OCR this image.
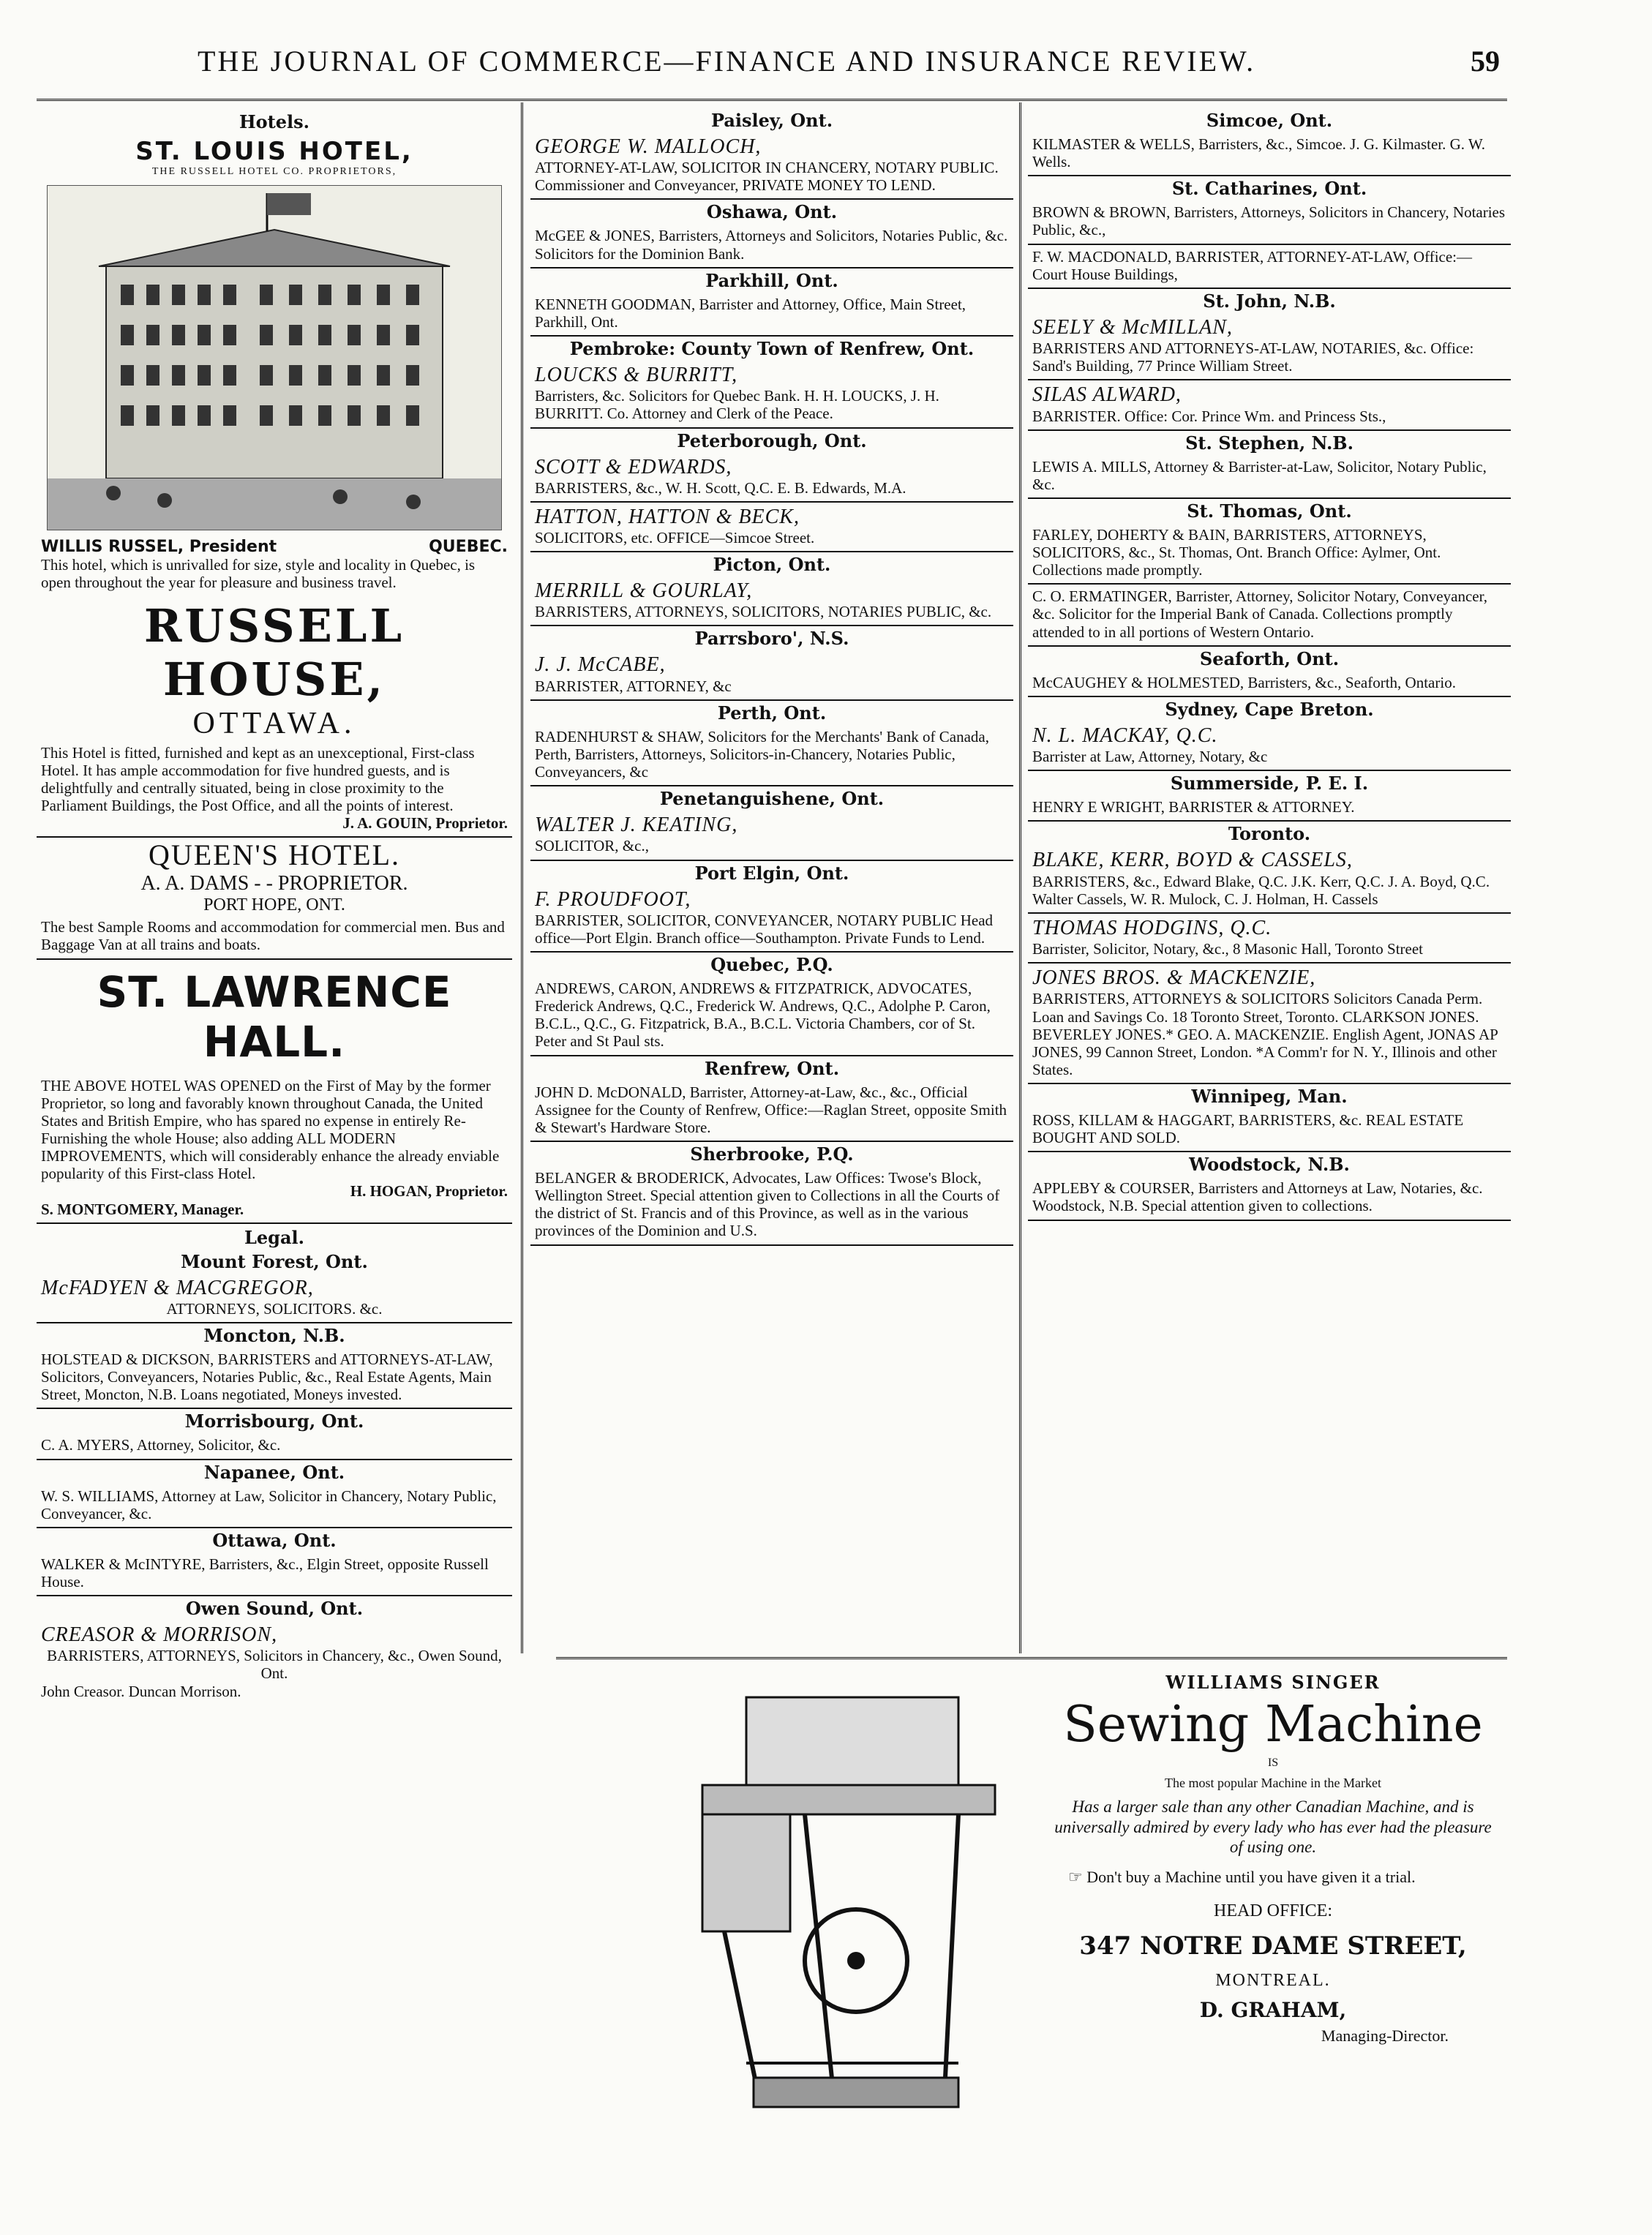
THE JOURNAL OF COMMERCE—FINANCE AND INSURANCE REVIEW.	59
Hotels.
ST. LOUIS HOTEL,
THE RUSSELL HOTEL CO. PROPRIETORS,

WILLIS RUSSEL, President	QUEBEC.

This hotel, which is unrivalled for size, style and locality in Quebec, is open throughout the year for pleasure and business travel.

RUSSELL HOUSE,
OTTAWA.

This Hotel is fitted, furnished and kept as an unexceptional, First-class Hotel. It has ample accommodation for five hundred guests, and is delightfully and centrally situated, being in close proximity to the Parliament Buildings, the Post Office, and all the points of interest.

J. A. GOUIN, Proprietor.

QUEEN'S HOTEL.
A. A. DAMS - - PROPRIETOR.
PORT HOPE, ONT.

The best Sample Rooms and accommodation for commercial men. Bus and Baggage Van at all trains and boats.

ST. LAWRENCE HALL.

THE ABOVE HOTEL WAS OPENED on the First of May by the former Proprietor, so long and favorably known throughout Canada, the United States and British Empire, who has spared no expense in entirely Re-Furnishing the whole House; also adding ALL MODERN IMPROVEMENTS, which will considerably enhance the already enviable popularity of this First-class Hotel.

H. HOGAN, Proprietor.

S. MONTGOMERY, Manager.

Legal.
Mount Forest, Ont.

McFADYEN & MACGREGOR,

ATTORNEYS, SOLICITORS. &c.

Moncton, N.B.

HOLSTEAD & DICKSON, BARRISTERS and ATTORNEYS-AT-LAW, Solicitors, Conveyancers, Notaries Public, &c., Real Estate Agents, Main Street, Moncton, N.B. Loans negotiated, Moneys invested.

Morrisbourg, Ont.

C. A. MYERS, Attorney, Solicitor, &c.

Napanee, Ont.

W. S. WILLIAMS, Attorney at Law, Solicitor in Chancery, Notary Public, Conveyancer, &c.

Ottawa, Ont.

WALKER & McINTYRE, Barristers, &c., Elgin Street, opposite Russell House.

Owen Sound, Ont.

CREASOR & MORRISON,

BARRISTERS, ATTORNEYS, Solicitors in Chancery, &c., Owen Sound, Ont.

John Creasor. Duncan Morrison.

Paisley, Ont.

GEORGE W. MALLOCH,

ATTORNEY-AT-LAW, SOLICITOR IN CHANCERY, NOTARY PUBLIC. Commissioner and Conveyancer, PRIVATE MONEY TO LEND.

Oshawa, Ont.

McGEE & JONES, Barristers, Attorneys and Solicitors, Notaries Public, &c. Solicitors for the Dominion Bank.

Parkhill, Ont.

KENNETH GOODMAN, Barrister and Attorney, Office, Main Street, Parkhill, Ont.

Pembroke: County Town of Renfrew, Ont.

LOUCKS & BURRITT,

Barristers, &c. Solicitors for Quebec Bank. H. H. LOUCKS, J. H. BURRITT. Co. Attorney and Clerk of the Peace.

Peterborough, Ont.

SCOTT & EDWARDS,

BARRISTERS, &c., W. H. Scott, Q.C. E. B. Edwards, M.A.

HATTON, HATTON & BECK,

SOLICITORS, etc. OFFICE—Simcoe Street.

Picton, Ont.

MERRILL & GOURLAY,

BARRISTERS, ATTORNEYS, SOLICITORS, NOTARIES PUBLIC, &c.

Parrsboro', N.S.

J. J. McCABE,

BARRISTER, ATTORNEY, &c

Perth, Ont.

RADENHURST & SHAW, Solicitors for the Merchants' Bank of Canada, Perth, Barristers, Attorneys, Solicitors-in-Chancery, Notaries Public, Conveyancers, &c

Penetanguishene, Ont.

WALTER J. KEATING,

SOLICITOR, &c.,

Port Elgin, Ont.

F. PROUDFOOT,

BARRISTER, SOLICITOR, CONVEYANCER, NOTARY PUBLIC Head office—Port Elgin. Branch office—Southampton. Private Funds to Lend.

Quebec, P.Q.

ANDREWS, CARON, ANDREWS & FITZPATRICK, ADVOCATES, Frederick Andrews, Q.C., Frederick W. Andrews, Q.C., Adolphe P. Caron, B.C.L., Q.C., G. Fitzpatrick, B.A., B.C.L. Victoria Chambers, cor of St. Peter and St Paul sts.

Renfrew, Ont.

JOHN D. McDONALD, Barrister, Attorney-at-Law, &c., &c., Official Assignee for the County of Renfrew, Office:—Raglan Street, opposite Smith & Stewart's Hardware Store.

Sherbrooke, P.Q.

BELANGER & BRODERICK, Advocates, Law Offices: Twose's Block, Wellington Street. Special attention given to Collections in all the Courts of the district of St. Francis and of this Province, as well as in the various provinces of the Dominion and U.S.

Simcoe, Ont.

KILMASTER & WELLS, Barristers, &c., Simcoe. J. G. Kilmaster. G. W. Wells.

St. Catharines, Ont.

BROWN & BROWN, Barristers, Attorneys, Solicitors in Chancery, Notaries Public, &c.,

F. W. MACDONALD, BARRISTER, ATTORNEY-AT-LAW, Office:—Court House Buildings,

St. John, N.B.

SEELY & McMILLAN,

BARRISTERS AND ATTORNEYS-AT-LAW, NOTARIES, &c. Office: Sand's Building, 77 Prince William Street.

SILAS ALWARD,

BARRISTER. Office: Cor. Prince Wm. and Princess Sts.,

St. Stephen, N.B.

LEWIS A. MILLS, Attorney & Barrister-at-Law, Solicitor, Notary Public, &c.

St. Thomas, Ont.

FARLEY, DOHERTY & BAIN, BARRISTERS, ATTORNEYS, SOLICITORS, &c., St. Thomas, Ont. Branch Office: Aylmer, Ont. Collections made promptly.

C. O. ERMATINGER, Barrister, Attorney, Solicitor Notary, Conveyancer, &c. Solicitor for the Imperial Bank of Canada. Collections promptly attended to in all portions of Western Ontario.

Seaforth, Ont.

McCAUGHEY & HOLMESTED, Barristers, &c., Seaforth, Ontario.

Sydney, Cape Breton.

N. L. MACKAY, Q.C.

Barrister at Law, Attorney, Notary, &c

Summerside, P. E. I.

HENRY E WRIGHT, BARRISTER & ATTORNEY.

Toronto.

BLAKE, KERR, BOYD & CASSELS,

BARRISTERS, &c., Edward Blake, Q.C. J.K. Kerr, Q.C. J. A. Boyd, Q.C. Walter Cassels, W. R. Mulock, C. J. Holman, H. Cassels

THOMAS HODGINS, Q.C.

Barrister, Solicitor, Notary, &c., 8 Masonic Hall, Toronto Street

JONES BROS. & MACKENZIE,

BARRISTERS, ATTORNEYS & SOLICITORS Solicitors Canada Perm. Loan and Savings Co. 18 Toronto Street, Toronto. CLARKSON JONES. BEVERLEY JONES.* GEO. A. MACKENZIE. English Agent, JONAS AP JONES, 99 Cannon Street, London. *A Comm'r for N. Y., Illinois and other States.

Winnipeg, Man.

ROSS, KILLAM & HAGGART, BARRISTERS, &c. REAL ESTATE BOUGHT AND SOLD.

Woodstock, N.B.

APPLEBY & COURSER, Barristers and Attorneys at Law, Notaries, &c. Woodstock, N.B. Special attention given to collections.

WILLIAMS SINGER
Sewing Machine
IS
The most popular Machine in the Market
Has a larger sale than any other Canadian Machine, and is universally admired by every lady who has ever had the pleasure of using one.
☞ Don't buy a Machine until you have given it a trial.
HEAD OFFICE:
347 NOTRE DAME STREET,
MONTREAL.
D. GRAHAM,
Managing-Director.
